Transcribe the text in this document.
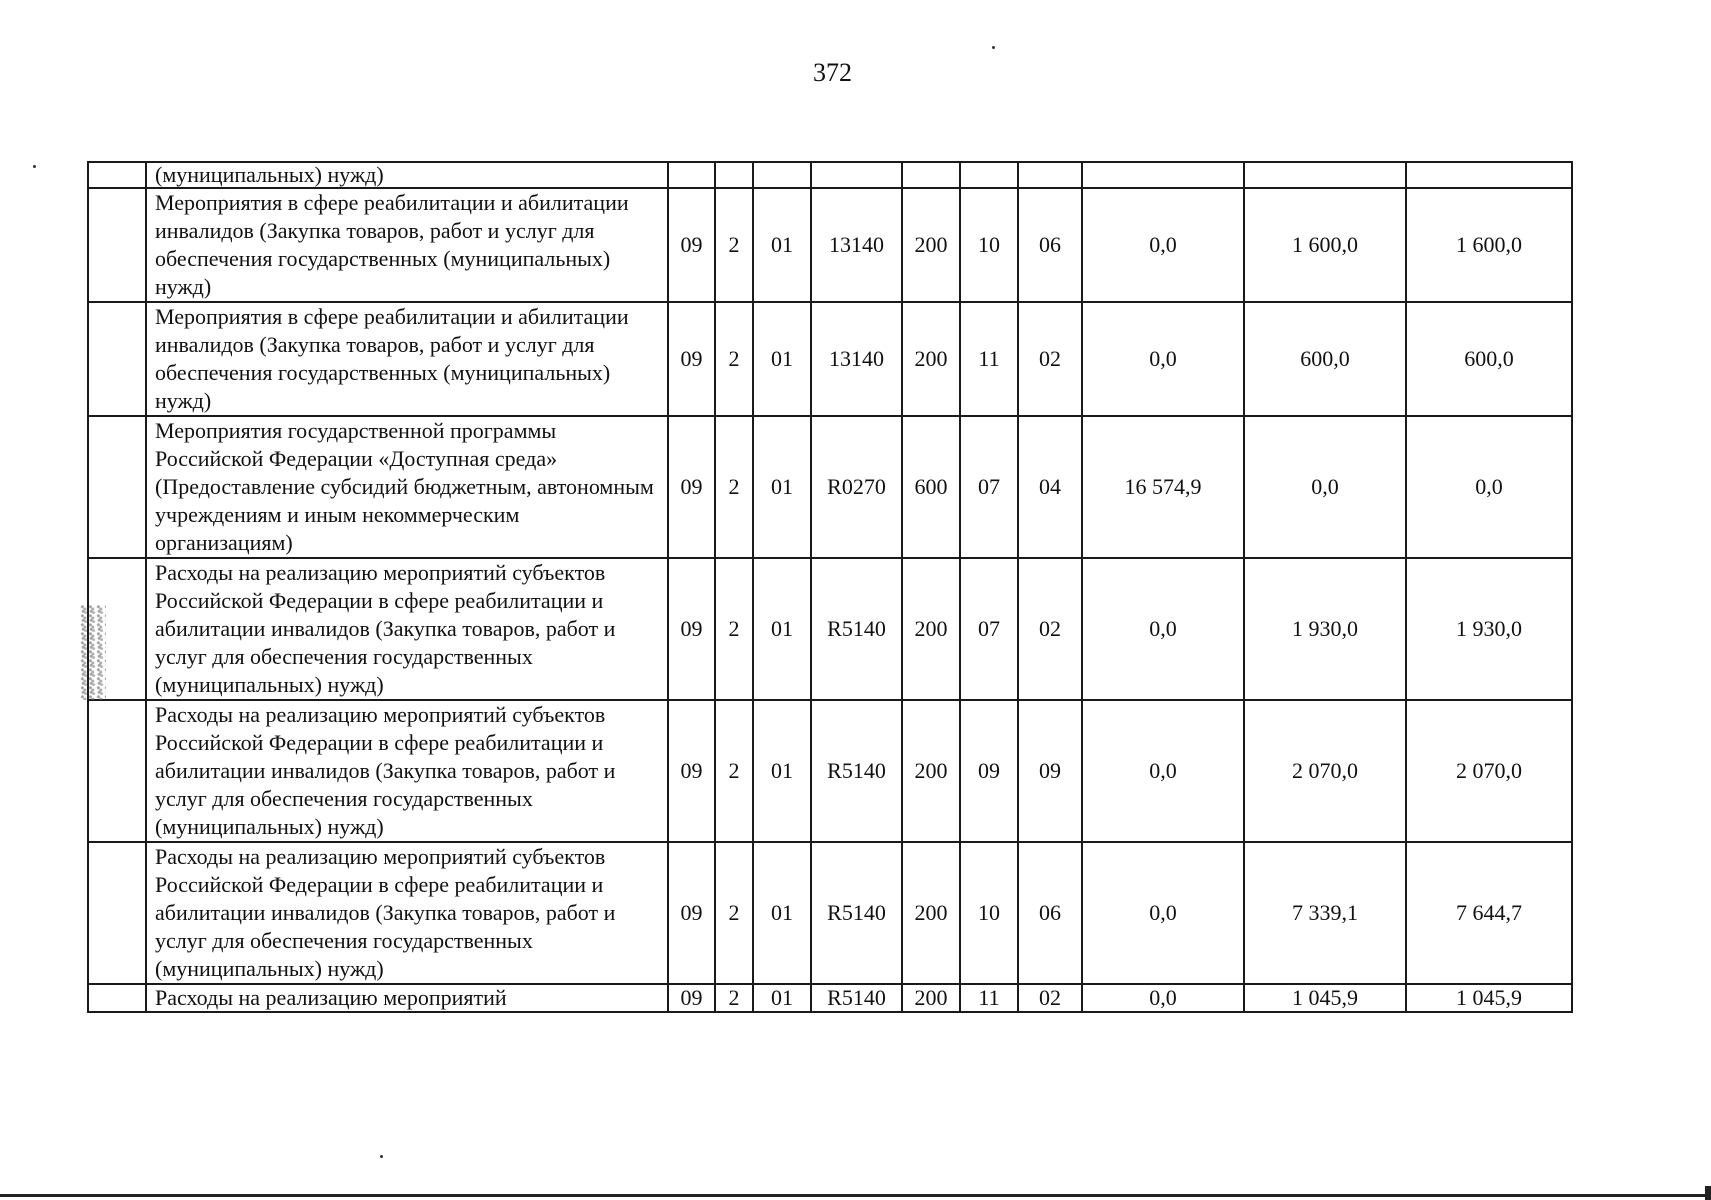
372
	(муниципальных) нужд)										
	Мероприятия в сфере реабилитации и абилитации инвалидов (Закупка товаров, работ и услуг для обеспечения государственных (муниципальных) нужд)	09	2	01	13140	200	10	06	0,0	1 600,0	1 600,0
	Мероприятия в сфере реабилитации и абилитации инвалидов (Закупка товаров, работ и услуг для обеспечения государственных (муниципальных) нужд)	09	2	01	13140	200	11	02	0,0	600,0	600,0
	Мероприятия государственной программы Российской Федерации «Доступная среда» (Предоставление субсидий бюджетным, автономным учреждениям и иным некоммерческим организациям)	09	2	01	R0270	600	07	04	16 574,9	0,0	0,0
	Расходы на реализацию мероприятий субъектов Российской Федерации в сфере реабилитации и абилитации инвалидов (Закупка товаров, работ и услуг для обеспечения государственных (муниципальных) нужд)	09	2	01	R5140	200	07	02	0,0	1 930,0	1 930,0
	Расходы на реализацию мероприятий субъектов Российской Федерации в сфере реабилитации и абилитации инвалидов (Закупка товаров, работ и услуг для обеспечения государственных (муниципальных) нужд)	09	2	01	R5140	200	09	09	0,0	2 070,0	2 070,0
	Расходы на реализацию мероприятий субъектов Российской Федерации в сфере реабилитации и абилитации инвалидов (Закупка товаров, работ и услуг для обеспечения государственных (муниципальных) нужд)	09	2	01	R5140	200	10	06	0,0	7 339,1	7 644,7
	Расходы на реализацию мероприятий	09	2	01	R5140	200	11	02	0,0	1 045,9	1 045,9
